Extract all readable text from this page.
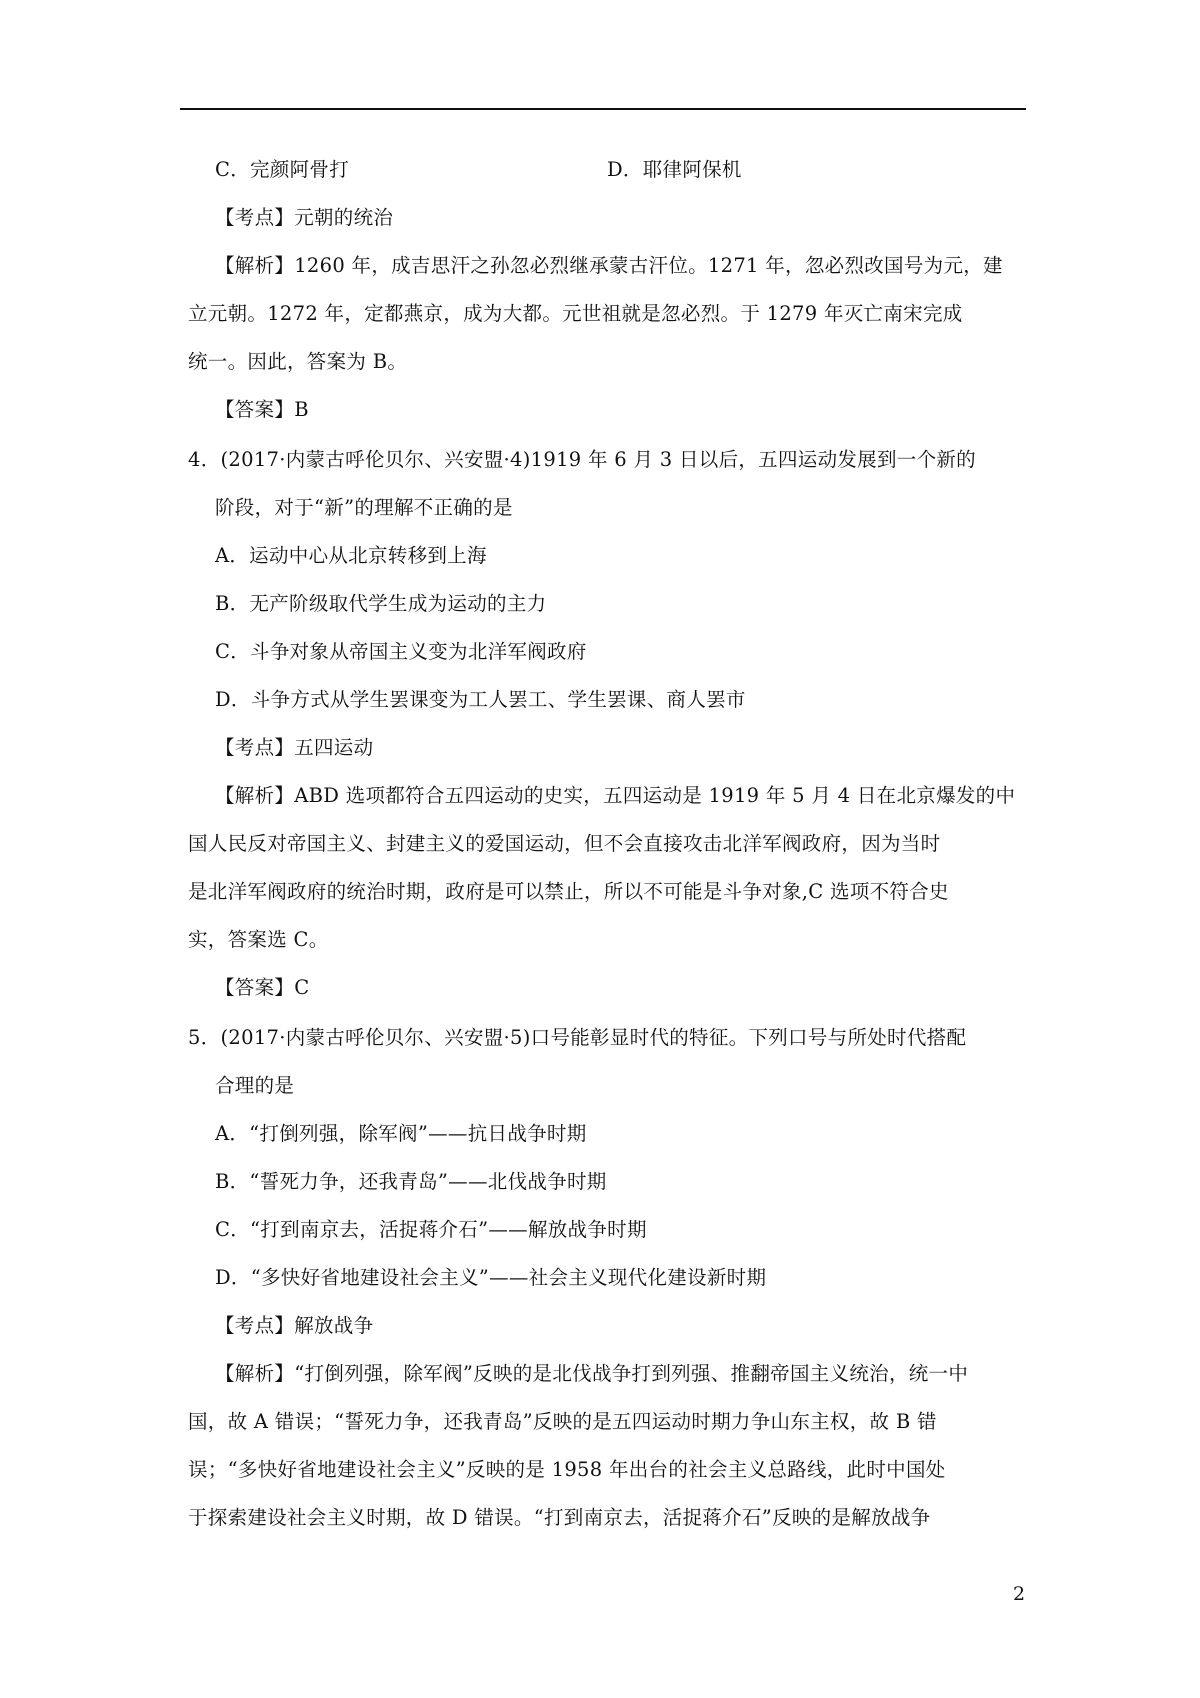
C．完颜阿骨打	D．耶律阿保机
【考点】元朝的统治
【解析】1260 年，成吉思汗之孙忽必烈继承蒙古汗位。1271 年，忽必烈改国号为元，建
立元朝。1272 年，定都燕京，成为大都。元世祖就是忽必烈。于 1279 年灭亡南宋完成
统一。因此，答案为 B。
【答案】B
4．(2017·内蒙古呼伦贝尔、兴安盟·4)1919 年 6 月 3 日以后，五四运动发展到一个新的
阶段，对于“新”的理解不正确的是
A．运动中心从北京转移到上海
B．无产阶级取代学生成为运动的主力
C．斗争对象从帝国主义变为北洋军阀政府
D．斗争方式从学生罢课变为工人罢工、学生罢课、商人罢市
【考点】五四运动
【解析】ABD 选项都符合五四运动的史实，五四运动是 1919 年 5 月 4 日在北京爆发的中
国人民反对帝国主义、封建主义的爱国运动，但不会直接攻击北洋军阀政府，因为当时
是北洋军阀政府的统治时期，政府是可以禁止，所以不可能是斗争对象,C 选项不符合史
实，答案选 C。
【答案】C
5．(2017·内蒙古呼伦贝尔、兴安盟·5)口号能彰显时代的特征。下列口号与所处时代搭配
合理的是
A．“打倒列强，除军阀”——抗日战争时期
B．“誓死力争，还我青岛”——北伐战争时期
C．“打到南京去，活捉蒋介石”——解放战争时期
D．“多快好省地建设社会主义”——社会主义现代化建设新时期
【考点】解放战争
【解析】“打倒列强，除军阀”反映的是北伐战争打到列强、推翻帝国主义统治，统一中
国，故 A 错误；“誓死力争，还我青岛”反映的是五四运动时期力争山东主权，故 B 错
误；“多快好省地建设社会主义”反映的是 1958 年出台的社会主义总路线，此时中国处
于探索建设社会主义时期，故 D 错误。“打到南京去，活捉蒋介石”反映的是解放战争
2
